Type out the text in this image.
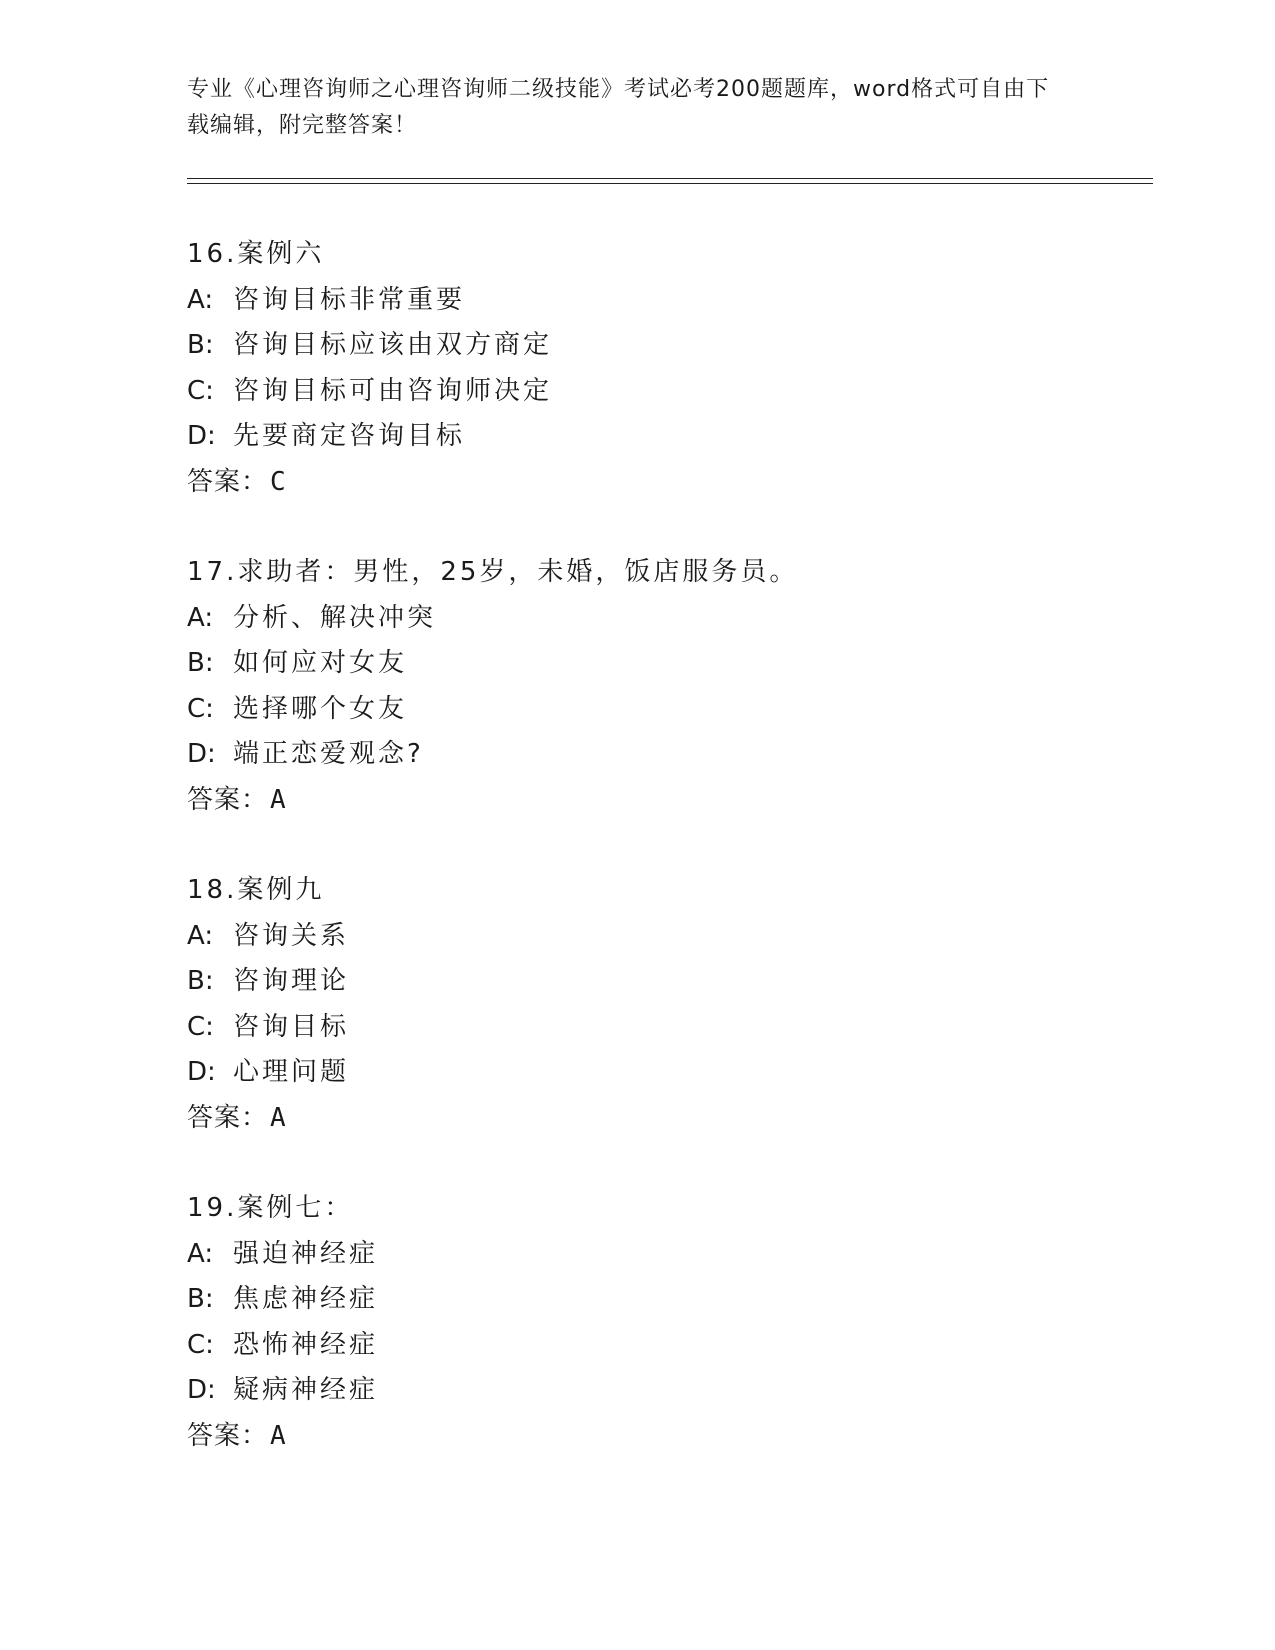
专业《心理咨询师之心理咨询师二级技能》考试必考200题题库，word格式可自由下载编辑，附完整答案！
16.案例六
A: 咨询目标非常重要
B: 咨询目标应该由双方商定
C: 咨询目标可由咨询师决定
D: 先要商定咨询目标
答案：C
17.求助者：男性，25岁，未婚，饭店服务员。
A: 分析、解决冲突
B: 如何应对女友
C: 选择哪个女友
D: 端正恋爱观念?
答案：A
18.案例九
A: 咨询关系
B: 咨询理论
C: 咨询目标
D: 心理问题
答案：A
19.案例七：
A: 强迫神经症
B: 焦虑神经症
C: 恐怖神经症
D: 疑病神经症
答案：A
